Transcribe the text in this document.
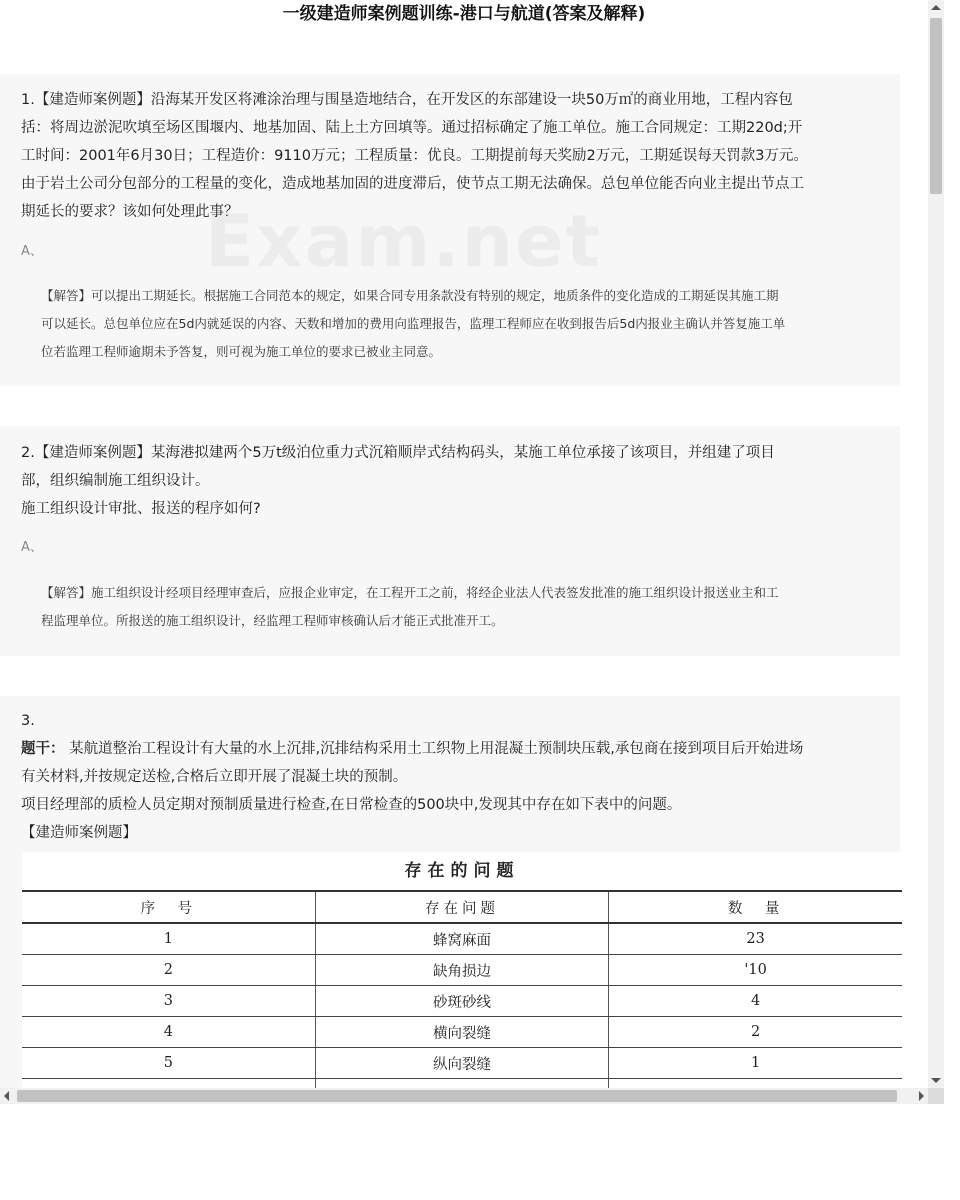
一级建造师案例题训练-港口与航道(答案及解释)

1.【建造师案例题】沿海某开发区将滩涂治理与围垦造地结合，在开发区的东部建设一块50万㎡的商业用地，工程内容包

括：将周边淤泥吹填至场区围堰内、地基加固、陆上土方回填等。通过招标确定了施工单位。施工合同规定：工期220d;开

工时间：2001年6月30日；工程造价：9110万元；工程质量：优良。工期提前每天奖励2万元，工期延误每天罚款3万元。

由于岩土公司分包部分的工程量的变化，造成地基加固的进度滞后，使节点工期无法确保。总包单位能否向业主提出节点工

期延长的要求？该如何处理此事？

A、
【解答】可以提出工期延长。根据施工合同范本的规定，如果合同专用条款没有特别的规定，地质条件的变化造成的工期延误其施工期
可以延长。总包单位应在5d内就延误的内容、天数和增加的费用向监理报告，监理工程师应在收到报告后5d内报业主确认并答复施工单
位若监理工程师逾期未予答复，则可视为施工单位的要求已被业主同意。

2.【建造师案例题】某海港拟建两个5万t级泊位重力式沉箱顺岸式结构码头，某施工单位承接了该项目，并组建了项目

部，组织编制施工组织设计。

施工组织设计审批、报送的程序如何?

A、
【解答】施工组织设计经项目经理审查后，应报企业审定，在工程开工之前，将经企业法人代表签发批准的施工组织设计报送业主和工
程监理单位。所报送的施工组织设计，经监理工程师审核确认后才能正式批准开工。

3.

题干： 某航道整治工程设计有大量的水上沉排,沉排结构采用土工织物上用混凝土预制块压载,承包商在接到项目后开始进场

有关材料,并按规定送检,合格后立即开展了混凝土块的预制。

项目经理部的质检人员定期对预制质量进行检查,在日常检查的500块中,发现其中存在如下表中的问题。

【建造师案例题】

存在的问题
序　号	存在问题	数　量
1	蜂窝麻面	23
2	缺角损边	'10
3	砂斑砂线	4
4	横向裂缝	2
5	纵向裂缝	1
